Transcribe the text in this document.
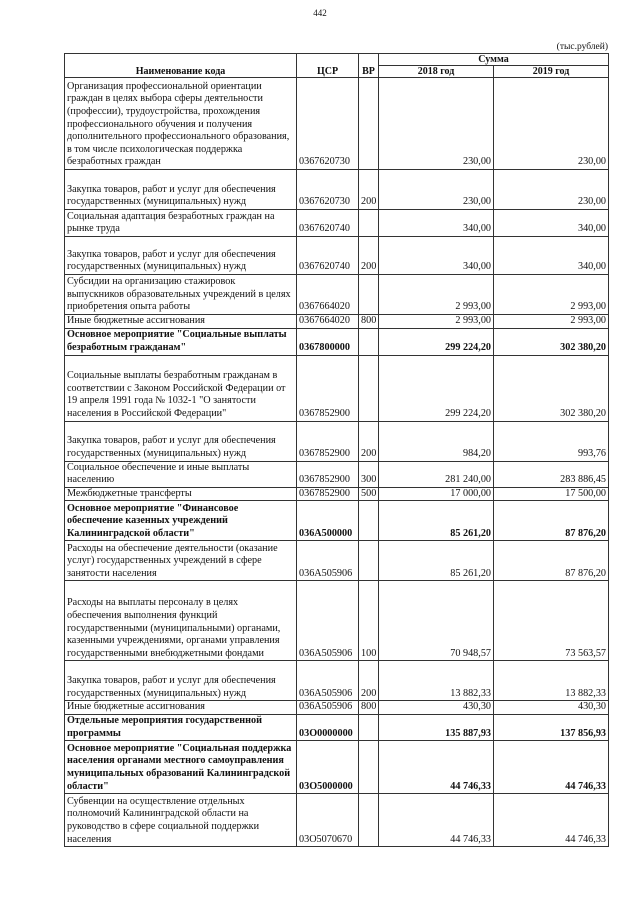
442
(тыс.рублей)
Наименование кода	ЦСР	ВР	Сумма	
			2018 год	2019 год
Организация профессиональной ориентации граждан в целях выбора сферы деятельности (профессии), трудоустройства, прохождения профессионального обучения и получения дополнительного профессионального образования, в том числе психологическая поддержка безработных граждан	0367620730		230,00	230,00
Закупка товаров, работ и услуг для обеспечения государственных (муниципальных) нужд	0367620730	200	230,00	230,00
Социальная адаптация безработных граждан на рынке труда	0367620740		340,00	340,00
Закупка товаров, работ и услуг для обеспечения государственных (муниципальных) нужд	0367620740	200	340,00	340,00
Субсидии на организацию стажировок выпускников образовательных учреждений в целях приобретения опыта работы	0367664020		2 993,00	2 993,00
Иные бюджетные ассигнования	0367664020	800	2 993,00	2 993,00
Основное мероприятие "Социальные выплаты безработным гражданам"	0367800000		299 224,20	302 380,20
Социальные выплаты безработным гражданам в соответствии с Законом Российской Федерации от 19 апреля 1991 года № 1032-1 "О занятости населения в Российской Федерации"	0367852900		299 224,20	302 380,20
Закупка товаров, работ и услуг для обеспечения государственных (муниципальных) нужд	0367852900	200	984,20	993,76
Социальное обеспечение и иные выплаты населению	0367852900	300	281 240,00	283 886,45
Межбюджетные трансферты	0367852900	500	17 000,00	17 500,00
Основное мероприятие "Финансовое обеспечение казенных учреждений Калининградской области"	036А500000		85 261,20	87 876,20
Расходы на обеспечение деятельности (оказание услуг) государственных учреждений в сфере занятости населения	036А505906		85 261,20	87 876,20
Расходы на выплаты персоналу в целях обеспечения выполнения функций государственными (муниципальными) органами, казенными учреждениями, органами управления государственными внебюджетными фондами	036А505906	100	70 948,57	73 563,57
Закупка товаров, работ и услуг для обеспечения государственных (муниципальных) нужд	036А505906	200	13 882,33	13 882,33
Иные бюджетные ассигнования	036А505906	800	430,30	430,30
Отдельные мероприятия государственной программы	03О0000000		135 887,93	137 856,93
Основное мероприятие "Социальная поддержка населения органами местного самоуправления муниципальных образований Калининградской области"	03О5000000		44 746,33	44 746,33
Субвенции на осуществление отдельных полномочий Калининградской области на руководство в сфере социальной поддержки населения	03О5070670		44 746,33	44 746,33
